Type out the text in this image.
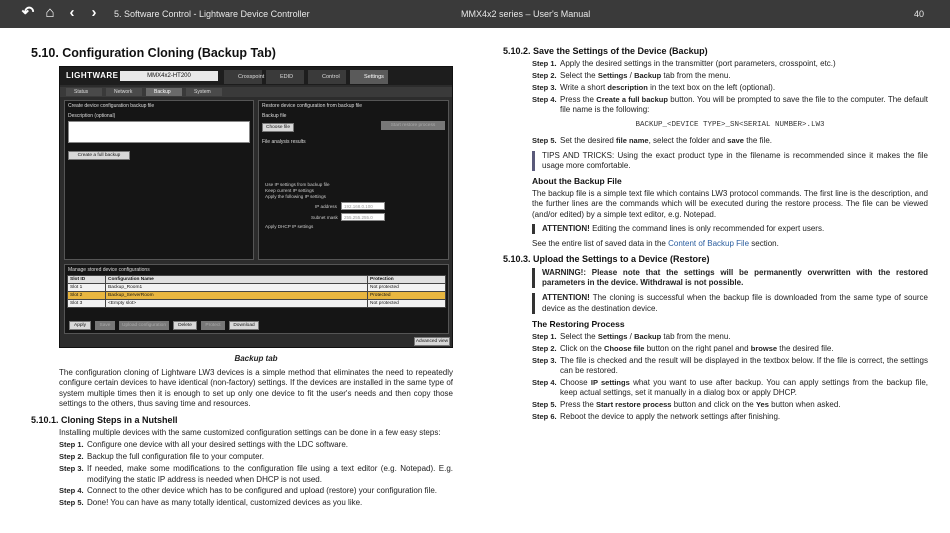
↶ ⌂ ‹	›	5. Software Control - Lightware Device Controller	MMX4x2 series – User's Manual	40
5.10. Configuration Cloning (Backup Tab)
LIGHTWARE	MMX4x2-HT200	Crosspoint	EDID	Control	Settings
Status	Network	Backup	System
Create device configuration backup file
Description (optional)
Create a full backup
Restore device configuration from backup file
Backup file
Choose file	Start restore process
File analysis results
Use IP settings from backup file
Keep current IP settings
Apply the following IP settings
IP address	192.168.0.100
Subnet mask	255.255.255.0
Apply DHCP IP settings
Manage stored device configurations
Slot ID	Configuration Name	Protection
Slot 1	Backup_Room1	Not protected
Slot 2	Backup_ServerRoom	Protected
Slot 3	<Empty slot>	Not protected
Apply	Save	Upload configuration	Delete	Protect	Download
Advanced view
Backup tab

The configuration cloning of Lightware LW3 devices is a simple method that eliminates the need to repeatedly configure certain devices to have identical (non-factory) settings. If the devices are installed in the same type of system multiple times then it is enough to set up only one device to fit the user's needs and then copy those settings to the others, thus saving time and resources.

5.10.1. Cloning Steps in a Nutshell

Installing multiple devices with the same customized configuration settings can be done in a few easy steps:

Step 1. Configure one device with all your desired settings with the LDC software.
Step 2. Backup the full configuration file to your computer.
Step 3. If needed, make some modifications to the configuration file using a text editor (e.g. Notepad). E.g. modifying the static IP address is needed when DHCP is not used.
Step 4. Connect to the other device which has to be configured and upload (restore) your configuration file.
Step 5. Done! You can have as many totally identical, customized devices as you like.
5.10.2. Save the Settings of the Device (Backup)
Step 1. Apply the desired settings in the transmitter (port parameters, crosspoint, etc.)
Step 2. Select the Settings / Backup tab from the menu.
Step 3. Write a short description in the text box on the left (optional).
Step 4. Press the Create a full backup button. You will be prompted to save the file to the computer. The default file name is the following:
BACKUP_<DEVICE TYPE>_SN<SERIAL NUMBER>.LW3
Step 5. Set the desired file name, select the folder and save the file.
TIPS AND TRICKS: Using the exact product type in the filename is recommended since it makes the file usage more comfortable.
About the Backup File

The backup file is a simple text file which contains LW3 protocol commands. The first line is the description, and the further lines are the commands which will be executed during the restore process. The file can be viewed (and/or edited) by a simple text editor, e.g. Notepad.

ATTENTION! Editing the command lines is only recommended for expert users.

See the entire list of saved data in the Content of Backup File section.

5.10.3. Upload the Settings to a Device (Restore)
WARNING!: Please note that the settings will be permanently overwritten with the restored parameters in the device. Withdrawal is not possible.
ATTENTION! The cloning is successful when the backup file is downloaded from the same type of source device as the destination device.
The Restoring Process
Step 1. Select the Settings / Backup tab from the menu.
Step 2. Click on the Choose file button on the right panel and browse the desired file.
Step 3. The file is checked and the result will be displayed in the textbox below. If the file is correct, the settings can be restored.
Step 4. Choose IP settings what you want to use after backup. You can apply settings from the backup file, keep actual settings, set it manually in a dialog box or apply DHCP.
Step 5. Press the Start restore process button and click on the Yes button when asked.
Step 6. Reboot the device to apply the network settings after finishing.
